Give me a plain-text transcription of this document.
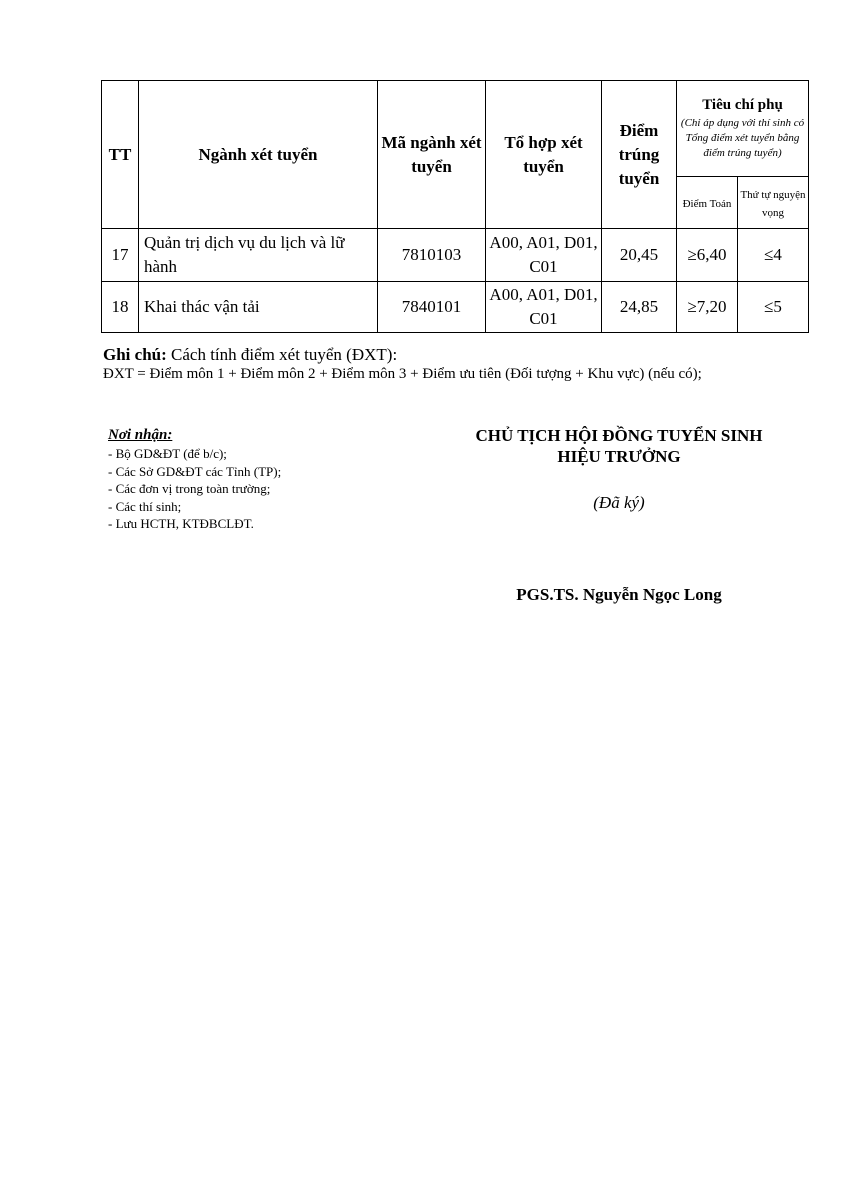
TT	Ngành xét tuyển	Mã ngành xét tuyển	Tổ hợp xét tuyển	Điểm trúng tuyển	Tiêu chí phụ
(Chỉ áp dụng với thí sinh có Tổng điểm xét tuyển bằng điểm trúng tuyển)	

					Điểm Toán	Thứ tự nguyện vọng
17	Quản trị dịch vụ du lịch và lữ hành	7810103	A00, A01, D01, C01	20,45	≥6,40	≤4
18	Khai thác vận tải	7840101	A00, A01, D01, C01	24,85	≥7,20	≤5
Ghi chú: Cách tính điểm xét tuyển (ĐXT):
ĐXT = Điểm môn 1 + Điểm môn 2 + Điểm môn 3 + Điểm ưu tiên (Đối tượng + Khu vực) (nếu có);
Nơi nhận:
- Bộ GD&ĐT (để b/c);
- Các Sở GD&ĐT các Tỉnh (TP);
- Các đơn vị trong toàn trường;
- Các thí sinh;
- Lưu HCTH, KTĐBCLĐT.
CHỦ TỊCH HỘI ĐỒNG TUYỂN SINH
HIỆU TRƯỞNG
(Đã ký)
PGS.TS. Nguyễn Ngọc Long
